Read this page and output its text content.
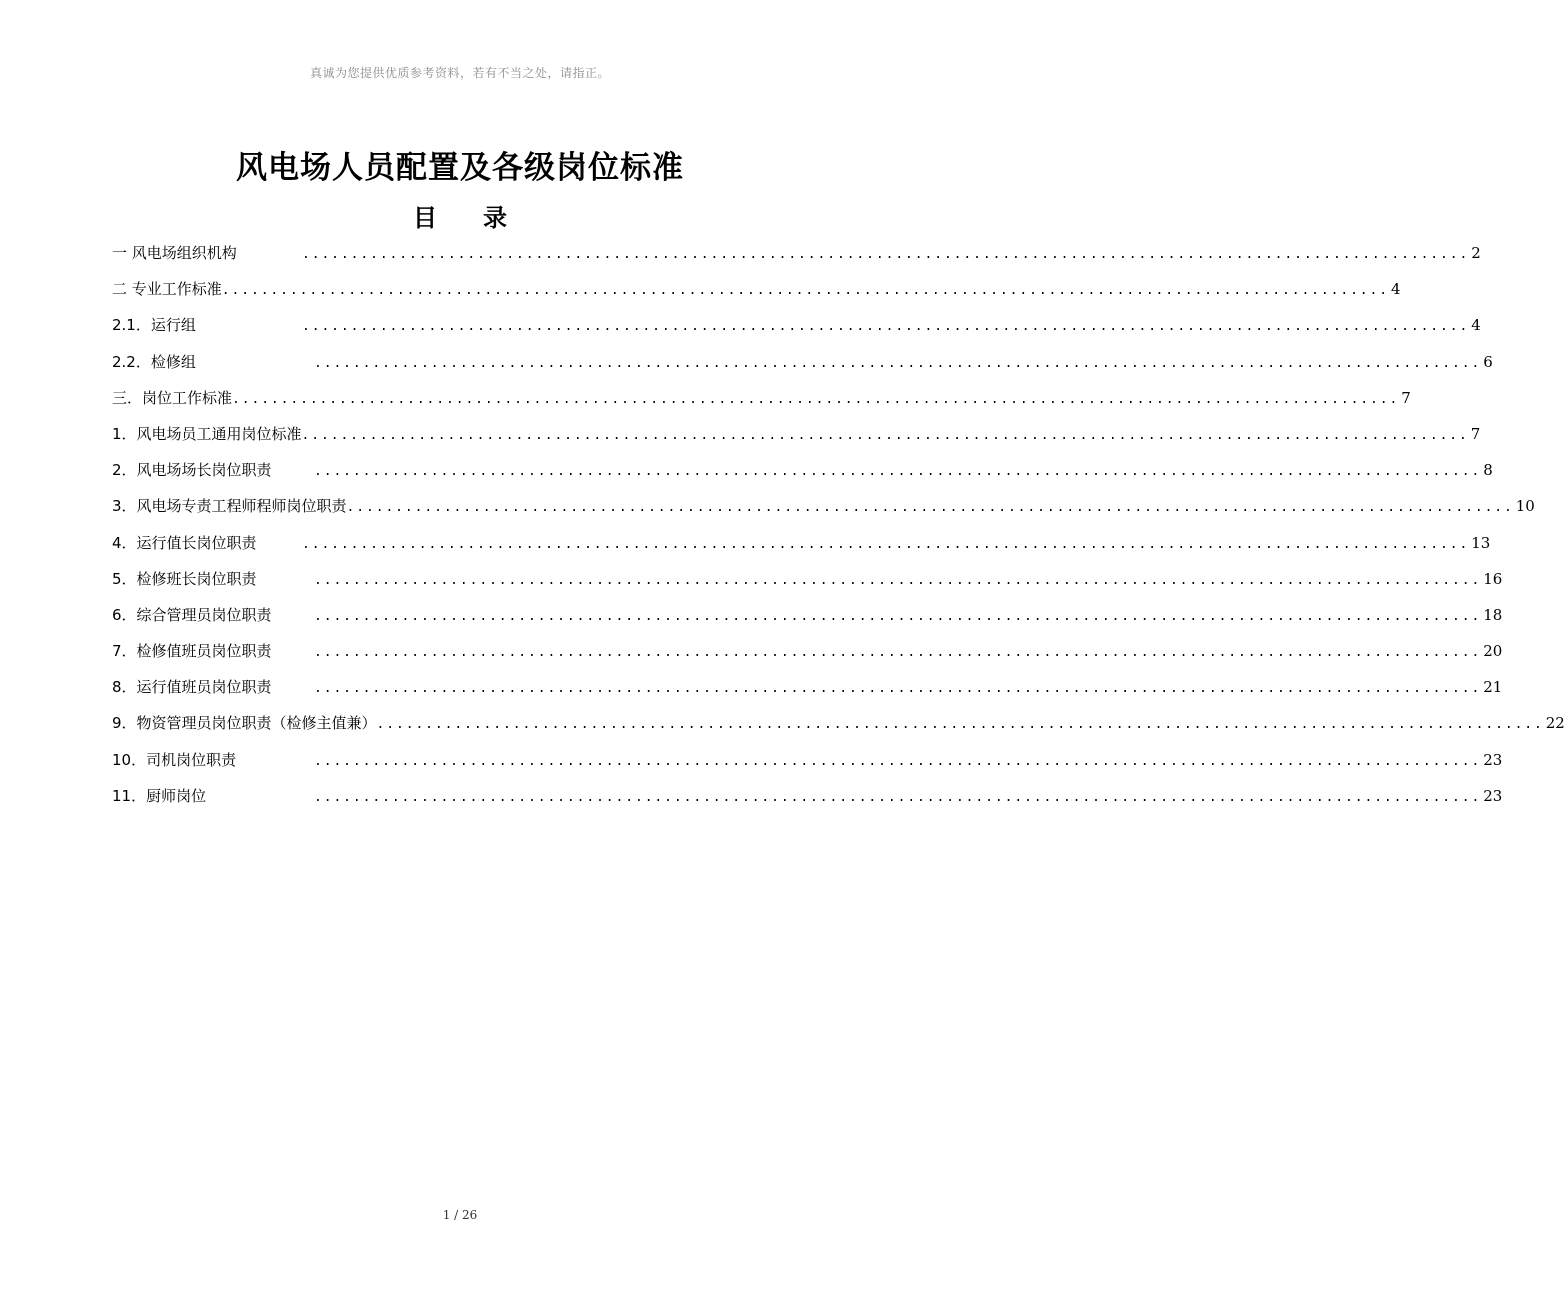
真诚为您提供优质参考资料，若有不当之处，请指正。
风电场人员配置及各级岗位标准
目 录
一 风电场组织机构	........................................................................................................................ 2
二 专业工作标准 ........................................................................................................................ 4
2.1．运行组	........................................................................................................................ 4
2.2．检修组	........................................................................................................................ 6
三．岗位工作标准 ........................................................................................................................ 7
1．风电场员工通用岗位标准 ........................................................................................................................ 7
2．风电场场长岗位职责	........................................................................................................................ 8
3．风电场专责工程师程师岗位职责 ........................................................................................................................ 10
4．运行值长岗位职责	........................................................................................................................ 13
5．检修班长岗位职责	........................................................................................................................ 16
6．综合管理员岗位职责	........................................................................................................................ 18
7．检修值班员岗位职责	........................................................................................................................ 20
8．运行值班员岗位职责	........................................................................................................................ 21
9．物资管理员岗位职责（检修主值兼） ........................................................................................................................ 22
10．司机岗位职责	........................................................................................................................ 23
11．厨师岗位	........................................................................................................................ 23
1 / 26
